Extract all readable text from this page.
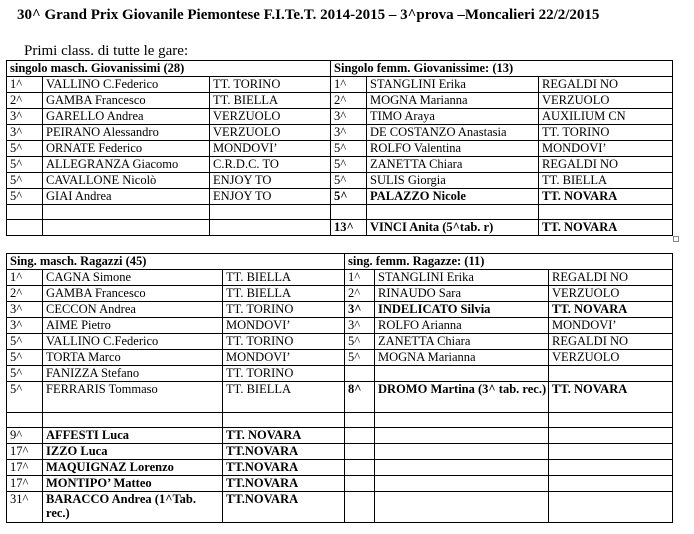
30^ Grand Prix Giovanile Piemontese F.I.Te.T. 2014-2015 – 3^prova –Moncalieri 22/2/2015
Primi class. di tutte le gare:
singolo masch. Giovanissimi (28)			Singolo femm. Giovanissime: (13)		
1^	VALLINO C.Federico	TT. TORINO	1^	STANGLINI Erika	REGALDI NO
2^	GAMBA Francesco	TT. BIELLA	2^	MOGNA Marianna	VERZUOLO
3^	GARELLO Andrea	VERZUOLO	3^	TIMO Araya	AUXILIUM CN
3^	PEIRANO Alessandro	VERZUOLO	3^	DE COSTANZO Anastasia	TT. TORINO
5^	ORNATE Federico	MONDOVI’	5^	ROLFO Valentina	MONDOVI’
5^	ALLEGRANZA Giacomo	C.R.D.C. TO	5^	ZANETTA Chiara	REGALDI NO
5^	CAVALLONE Nicolò	ENJOY TO	5^	SULIS Giorgia	TT. BIELLA
5^	GIAI Andrea	ENJOY TO	5^	PALAZZO Nicole	TT. NOVARA

			13^	VINCI Anita (5^tab. r)	TT. NOVARA
Sing. masch. Ragazzi (45)			sing. femm. Ragazze: (11)		
1^	CAGNA Simone	TT. BIELLA	1^	STANGLINI Erika	REGALDI NO
2^	GAMBA Francesco	TT. BIELLA	2^	RINAUDO Sara	VERZUOLO
3^	CECCON Andrea	TT. TORINO	3^	INDELICATO Silvia	TT. NOVARA
3^	AIME Pietro	MONDOVI’	3^	ROLFO Arianna	MONDOVI’
5^	VALLINO C.Federico	TT. TORINO	5^	ZANETTA Chiara	REGALDI NO
5^	TORTA Marco	MONDOVI’	5^	MOGNA Marianna	VERZUOLO
5^	FANIZZA Stefano	TT. TORINO			
5^	FERRARIS Tommaso	TT. BIELLA	8^	DROMO Martina (3^ tab. rec.)	TT. NOVARA

9^	AFFESTI Luca	TT. NOVARA			
17^	IZZO Luca	TT.NOVARA			
17^	MAQUIGNAZ Lorenzo	TT.NOVARA			
17^	MONTIPO’ Matteo	TT.NOVARA			
31^	BARACCO Andrea (1^Tab. rec.)	TT.NOVARA			
